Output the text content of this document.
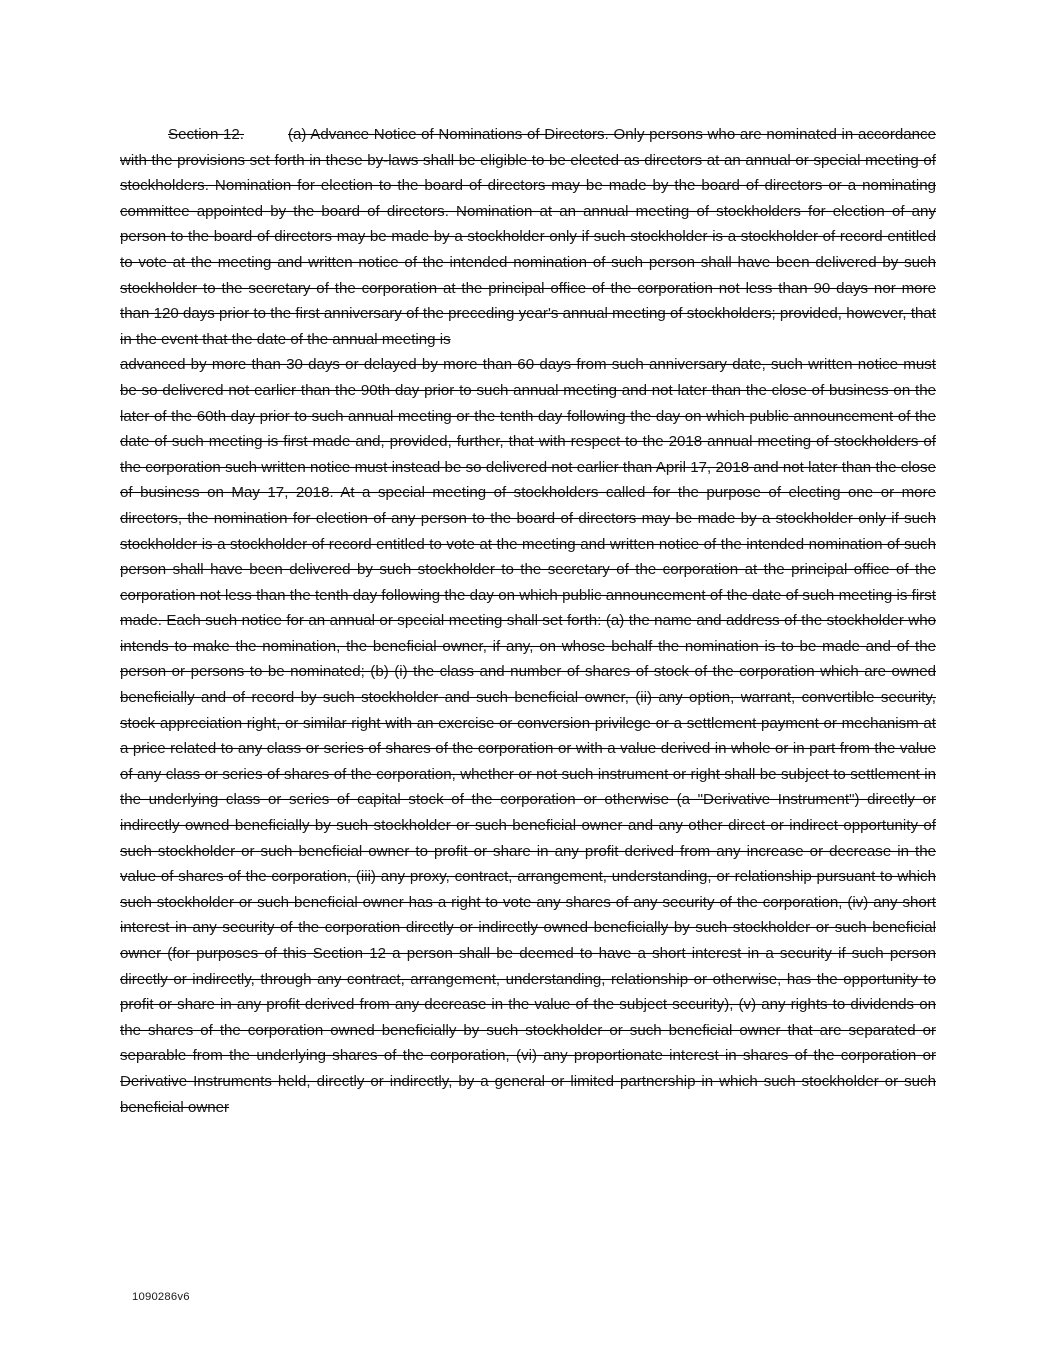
Section 12.	(a) Advance Notice of Nominations of Directors. Only persons who are nominated in accordance with the provisions set forth in these by-laws shall be eligible to be elected as directors at an annual or special meeting of stockholders. Nomination for election to the board of directors may be made by the board of directors or a nominating committee appointed by the board of directors. Nomination at an annual meeting of stockholders for election of any person to the board of directors may be made by a stockholder only if such stockholder is a stockholder of record entitled to vote at the meeting and written notice of the intended nomination of such person shall have been delivered by such stockholder to the secretary of the corporation at the principal office of the corporation not less than 90 days nor more than 120 days prior to the first anniversary of the preceding year's annual meeting of stockholders; provided, however, that in the event that the date of the annual meeting is

advanced by more than 30 days or delayed by more than 60 days from such anniversary date, such written notice must be so delivered not earlier than the 90th day prior to such annual meeting and not later than the close of business on the later of the 60th day prior to such annual meeting or the tenth day following the day on which public announcement of the date of such meeting is first made and, provided, further, that with respect to the 2018 annual meeting of stockholders of the corporation such written notice must instead be so delivered not earlier than April 17, 2018 and not later than the close of business on May 17, 2018. At a special meeting of stockholders called for the purpose of electing one or more directors, the nomination for election of any person to the board of directors may be made by a stockholder only if such stockholder is a stockholder of record entitled to vote at the meeting and written notice of the intended nomination of such person shall have been delivered by such stockholder to the secretary of the corporation at the principal office of the corporation not less than the tenth day following the day on which public announcement of the date of such meeting is first made. Each such notice for an annual or special meeting shall set forth: (a) the name and address of the stockholder who intends to make the nomination, the beneficial owner, if any, on whose behalf the nomination is to be made and of the person or persons to be nominated; (b) (i) the class and number of shares of stock of the corporation which are owned beneficially and of record by such stockholder and such beneficial owner, (ii) any option, warrant, convertible security, stock appreciation right, or similar right with an exercise or conversion privilege or a settlement payment or mechanism at a price related to any class or series of shares of the corporation or with a value derived in whole or in part from the value of any class or series of shares of the corporation, whether or not such instrument or right shall be subject to settlement in the underlying class or series of capital stock of the corporation or otherwise (a "Derivative Instrument") directly or indirectly owned beneficially by such stockholder or such beneficial owner and any other direct or indirect opportunity of such stockholder or such beneficial owner to profit or share in any profit derived from any increase or decrease in the value of shares of the corporation, (iii) any proxy, contract, arrangement, understanding, or relationship pursuant to which such stockholder or such beneficial owner has a right to vote any shares of any security of the corporation, (iv) any short interest in any security of the corporation directly or indirectly owned beneficially by such stockholder or such beneficial owner (for purposes of this Section 12 a person shall be deemed to have a short interest in a security if such person directly or indirectly, through any contract, arrangement, understanding, relationship or otherwise, has the opportunity to profit or share in any profit derived from any decrease in the value of the subject security), (v) any rights to dividends on the shares of the corporation owned beneficially by such stockholder or such beneficial owner that are separated or separable from the underlying shares of the corporation, (vi) any proportionate interest in shares of the corporation or Derivative Instruments held, directly or indirectly, by a general or limited partnership in which such stockholder or such beneficial owner

1090286v6
